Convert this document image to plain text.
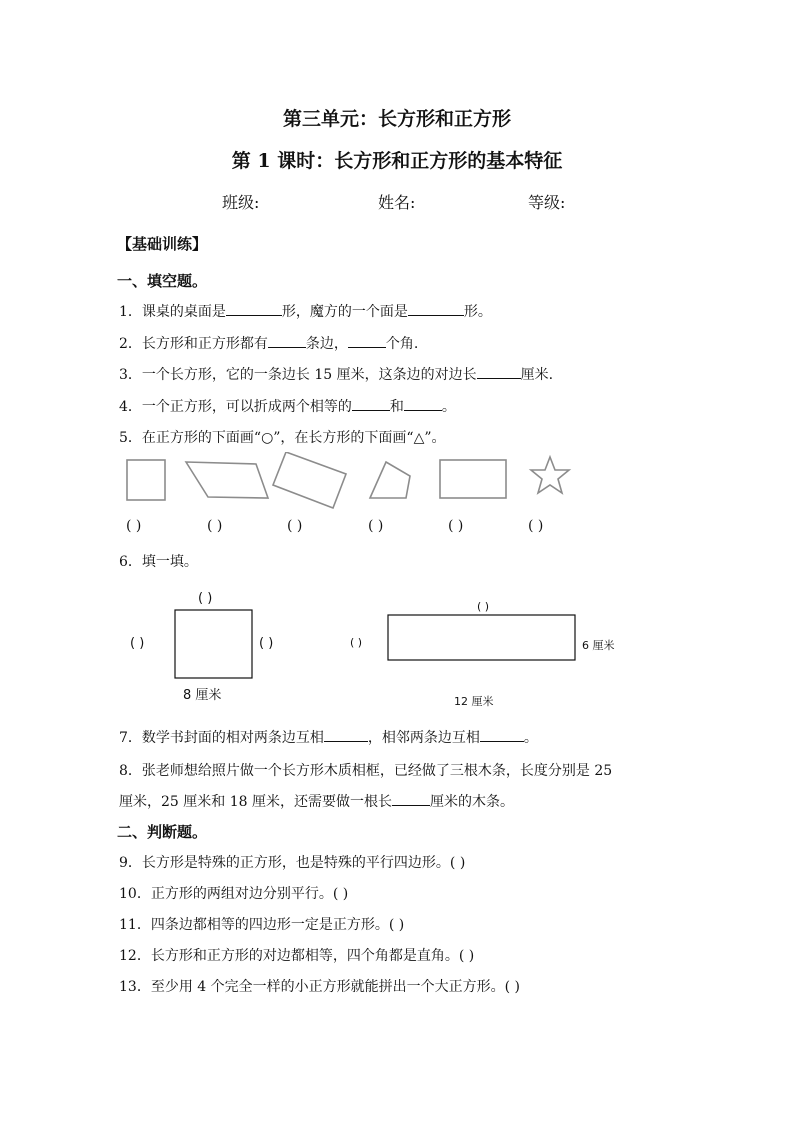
第三单元：长方形和正方形
第 1 课时：长方形和正方形的基本特征
班级:	姓名:	等级:
【基础训练】
一、填空题。
1．课桌的桌面是	形，魔方的一个面是	形。
2．长方形和正方形都有	条边，	个角.
3．一个长方形，它的一条边长 15 厘米，这条边的对边长	厘米.
4．一个正方形，可以折成两个相等的	和	。
5．在正方形的下面画“○”，在长方形的下面画“△”。
( )	( )	( )	( )	( )	( )
6．填一填。
( )
( )	( )
8 厘米
( )
( )	6 厘米
12 厘米
7．数学书封面的相对两条边互相	，相邻两条边互相	。
8．张老师想给照片做一个长方形木质相框，已经做了三根木条，长度分别是 25
厘米，25 厘米和 18 厘米，还需要做一根长	厘米的木条。
二、判断题。
9．长方形是特殊的正方形，也是特殊的平行四边形。( )
10．正方形的两组对边分别平行。( )
11．四条边都相等的四边形一定是正方形。( )
12．长方形和正方形的对边都相等，四个角都是直角。( )
13．至少用 4 个完全一样的小正方形就能拼出一个大正方形。( )
